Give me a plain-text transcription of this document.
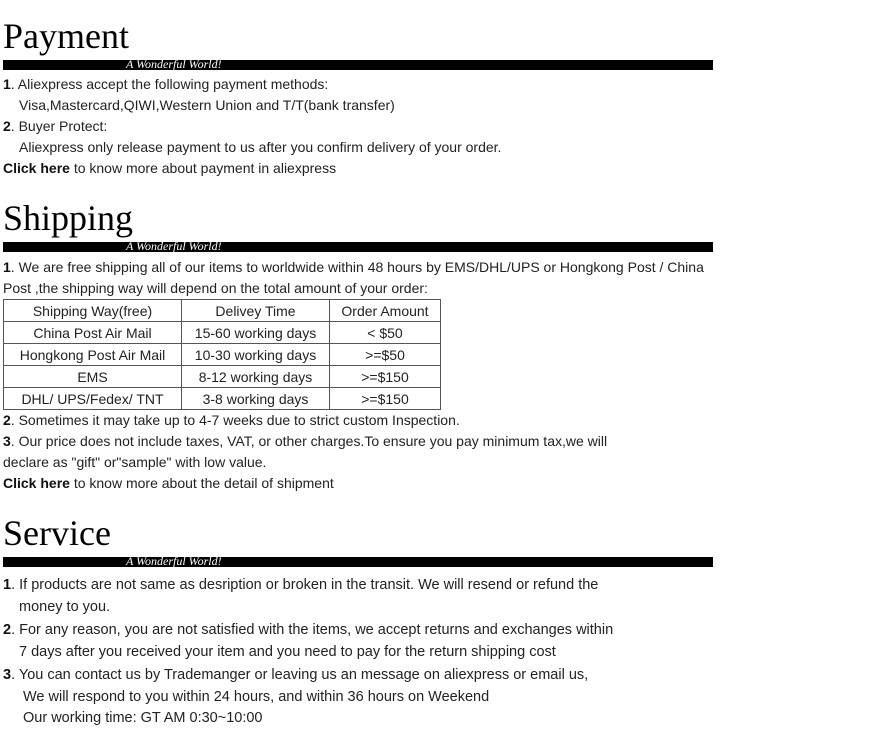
Payment
A Wonderful World!
1. Aliexpress accept the following payment methods:
Visa,Mastercard,QIWI,Western Union and T/T(bank transfer)
2. Buyer Protect:
Aliexpress only release payment to us after you confirm delivery of your order.
Click here to know more about payment in aliexpress
Shipping
A Wonderful World!
1. We are free shipping all of our items to worldwide within 48 hours by EMS/DHL/UPS or Hongkong Post / China
Post ,the shipping way will depend on the total amount of your order:
Shipping Way(free)	Delivey Time	Order Amount
China Post Air Mail	15-60 working days	< $50
Hongkong Post Air Mail	10-30 working days	>=$50
EMS	8-12 working days	>=$150
DHL/ UPS/Fedex/ TNT	3-8 working days	>=$150
2. Sometimes it may take up to 4-7 weeks due to strict custom Inspection.
3. Our price does not include taxes, VAT, or other charges.To ensure you pay minimum tax,we will
declare as "gift" or"sample" with low value.
Click here to know more about the detail of shipment
Service
A Wonderful World!
1. If products are not same as desription or broken in the transit. We will resend or refund the
money to you.
2. For any reason, you are not satisfied with the items, we accept returns and exchanges within
7 days after you received your item and you need to pay for the return shipping cost
3. You can contact us by Trademanger or leaving us an message on aliexpress or email us,
We will respond to you within 24 hours, and within 36 hours on Weekend
Our working time: GT AM 0:30~10:00
